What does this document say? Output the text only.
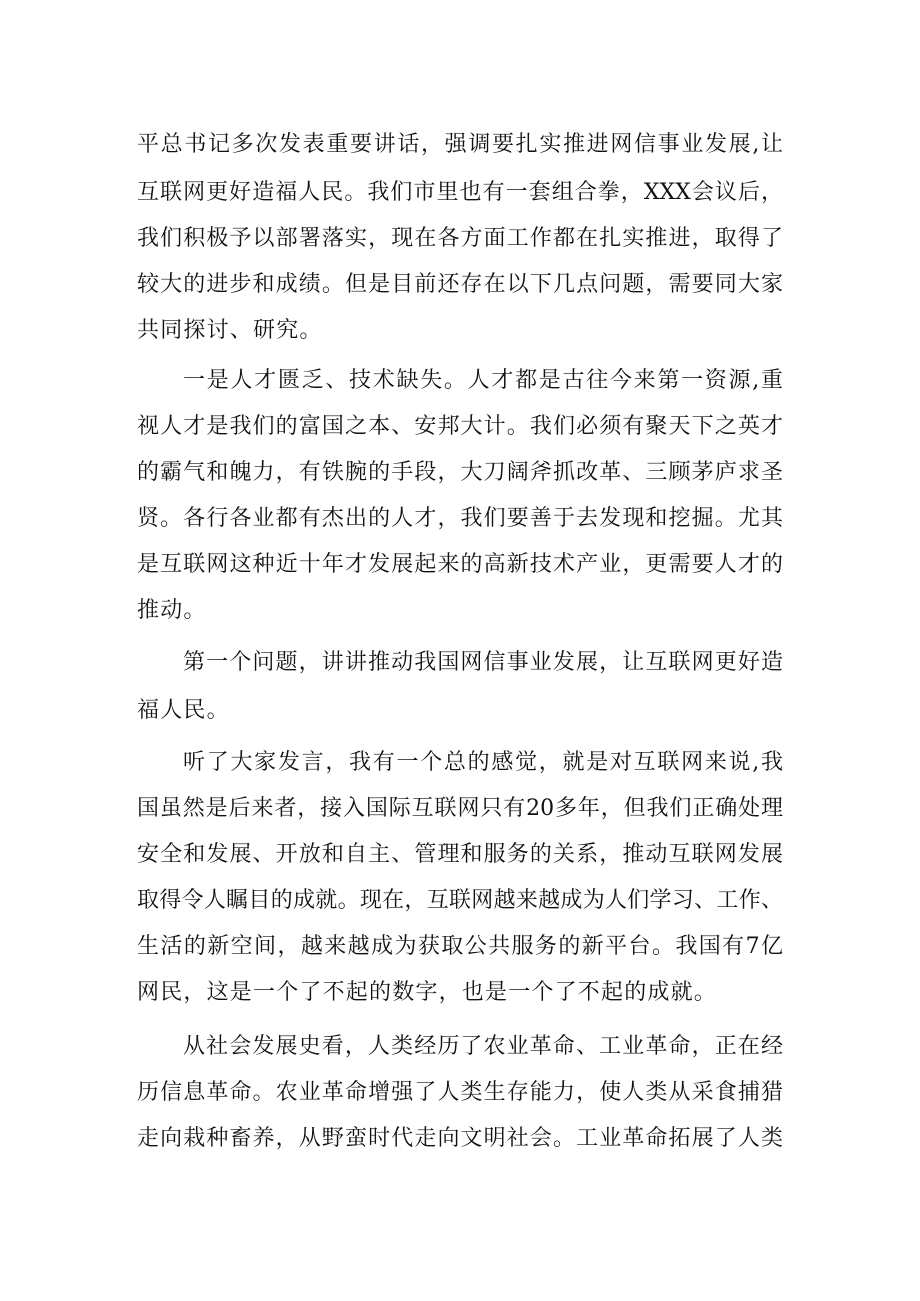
平总书记多次发表重要讲话，强调要扎实推进网信事业发展,让
互联网更好造福人民。我们市里也有一套组合拳，XXX会议后，
我们积极予以部署落实，现在各方面工作都在扎实推进，取得了
较大的进步和成绩。但是目前还存在以下几点问题，需要同大家
共同探讨、研究。
一是人才匮乏、技术缺失。人才都是古往今来第一资源,重
视人才是我们的富国之本、安邦大计。我们必须有聚天下之英才
的霸气和魄力，有铁腕的手段，大刀阔斧抓改革、三顾茅庐求圣
贤。各行各业都有杰出的人才，我们要善于去发现和挖掘。尤其
是互联网这种近十年才发展起来的高新技术产业，更需要人才的
推动。
第一个问题，讲讲推动我国网信事业发展，让互联网更好造
福人民。
听了大家发言，我有一个总的感觉，就是对互联网来说,我
国虽然是后来者，接入国际互联网只有20多年，但我们正确处理
安全和发展、开放和自主、管理和服务的关系，推动互联网发展
取得令人瞩目的成就。现在，互联网越来越成为人们学习、工作、
生活的新空间，越来越成为获取公共服务的新平台。我国有7亿
网民，这是一个了不起的数字，也是一个了不起的成就。
从社会发展史看，人类经历了农业革命、工业革命，正在经
历信息革命。农业革命增强了人类生存能力，使人类从采食捕猎
走向栽种畜养，从野蛮时代走向文明社会。工业革命拓展了人类
